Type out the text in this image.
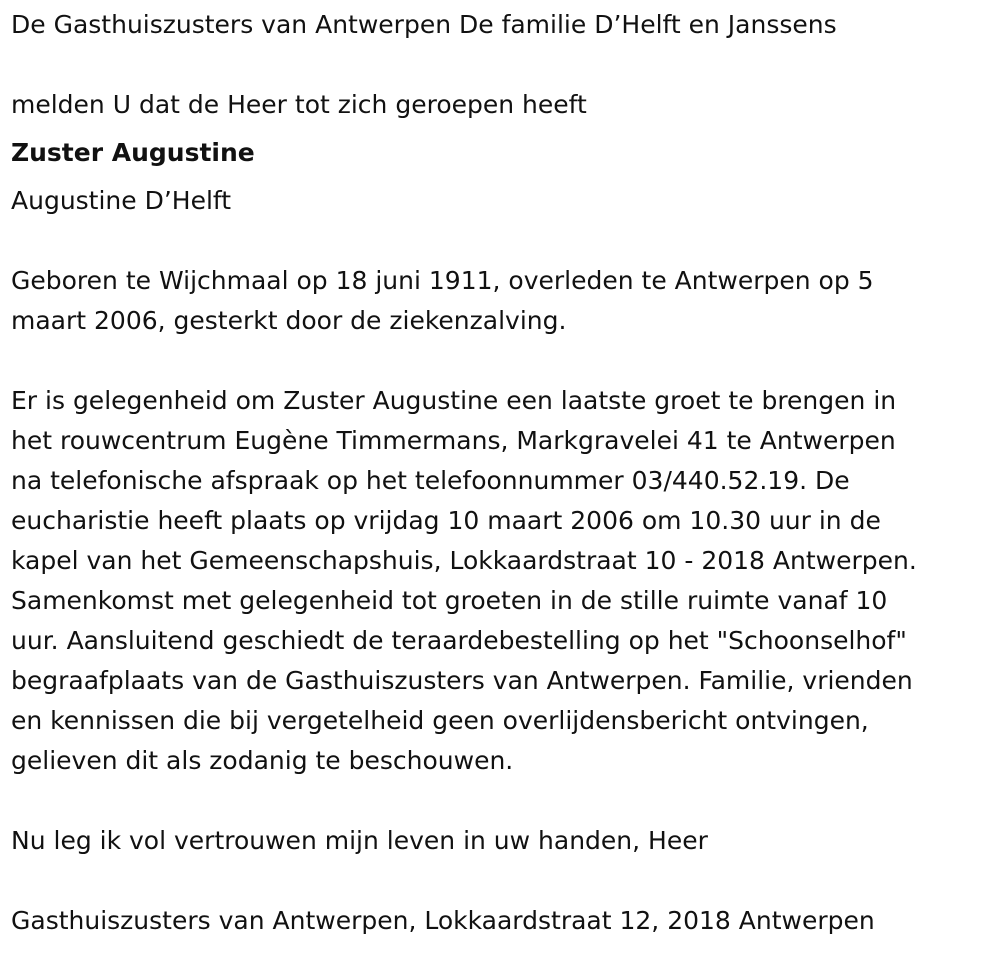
De Gasthuiszusters van Antwerpen De familie D’Helft en Janssens
melden U dat de Heer tot zich geroepen heeft
Zuster Augustine
Augustine D’Helft
Geboren te Wijchmaal op 18 juni 1911, overleden te Antwerpen op 5
maart 2006, gesterkt door de ziekenzalving.
Er is gelegenheid om Zuster Augustine een laatste groet te brengen in
het rouwcentrum Eugène Timmermans, Markgravelei 41 te Antwerpen
na telefonische afspraak op het telefoonnummer 03/440.52.19. De
eucharistie heeft plaats op vrijdag 10 maart 2006 om 10.30 uur in de
kapel van het Gemeenschapshuis, Lokkaardstraat 10 - 2018 Antwerpen.
Samenkomst met gelegenheid tot groeten in de stille ruimte vanaf 10
uur. Aansluitend geschiedt de teraardebestelling op het "Schoonselhof"
begraafplaats van de Gasthuiszusters van Antwerpen. Familie, vrienden
en kennissen die bij vergetelheid geen overlijdensbericht ontvingen,
gelieven dit als zodanig te beschouwen.
Nu leg ik vol vertrouwen mijn leven in uw handen, Heer
Gasthuiszusters van Antwerpen, Lokkaardstraat 12, 2018 Antwerpen
